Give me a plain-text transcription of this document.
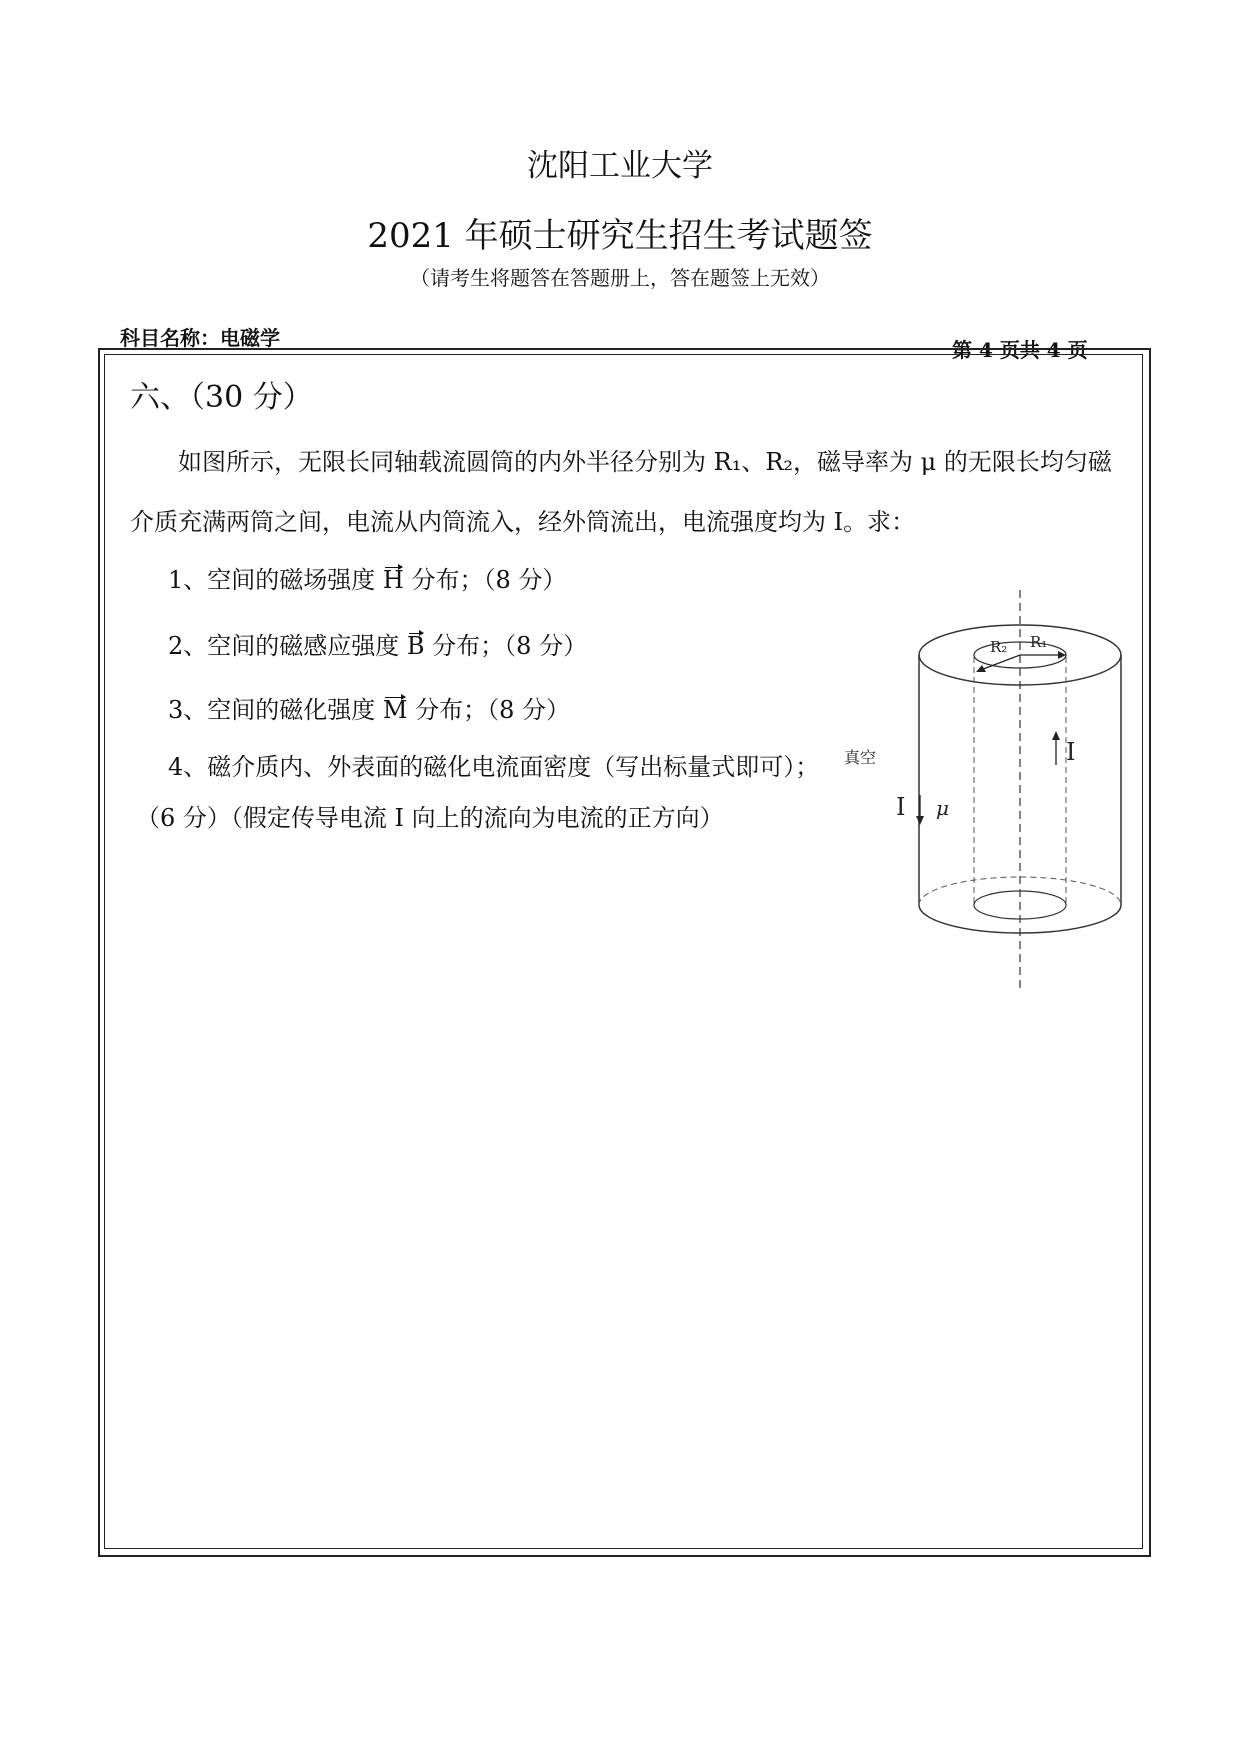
沈阳工业大学
2021 年硕士研究生招生考试题签
（请考生将题答在答题册上，答在题签上无效）
科目名称：电磁学	第 4 页共 4 页
六、（30 分）
如图所示，无限长同轴载流圆筒的内外半径分别为 R₁、R₂，磁导率为 μ 的无限长均匀磁
介质充满两筒之间，电流从内筒流入，经外筒流出，电流强度均为 I。求：
1、空间的磁场强度 H 分布；（8 分）
2、空间的磁感应强度 B 分布；（8 分）
3、空间的磁化强度 M 分布；（8 分）
4、磁介质内、外表面的磁化电流面密度（写出标量式即可）；
（6 分）（假定传导电流 I 向上的流向为电流的正方向）
R₂ R₁
I
I μ
真空
